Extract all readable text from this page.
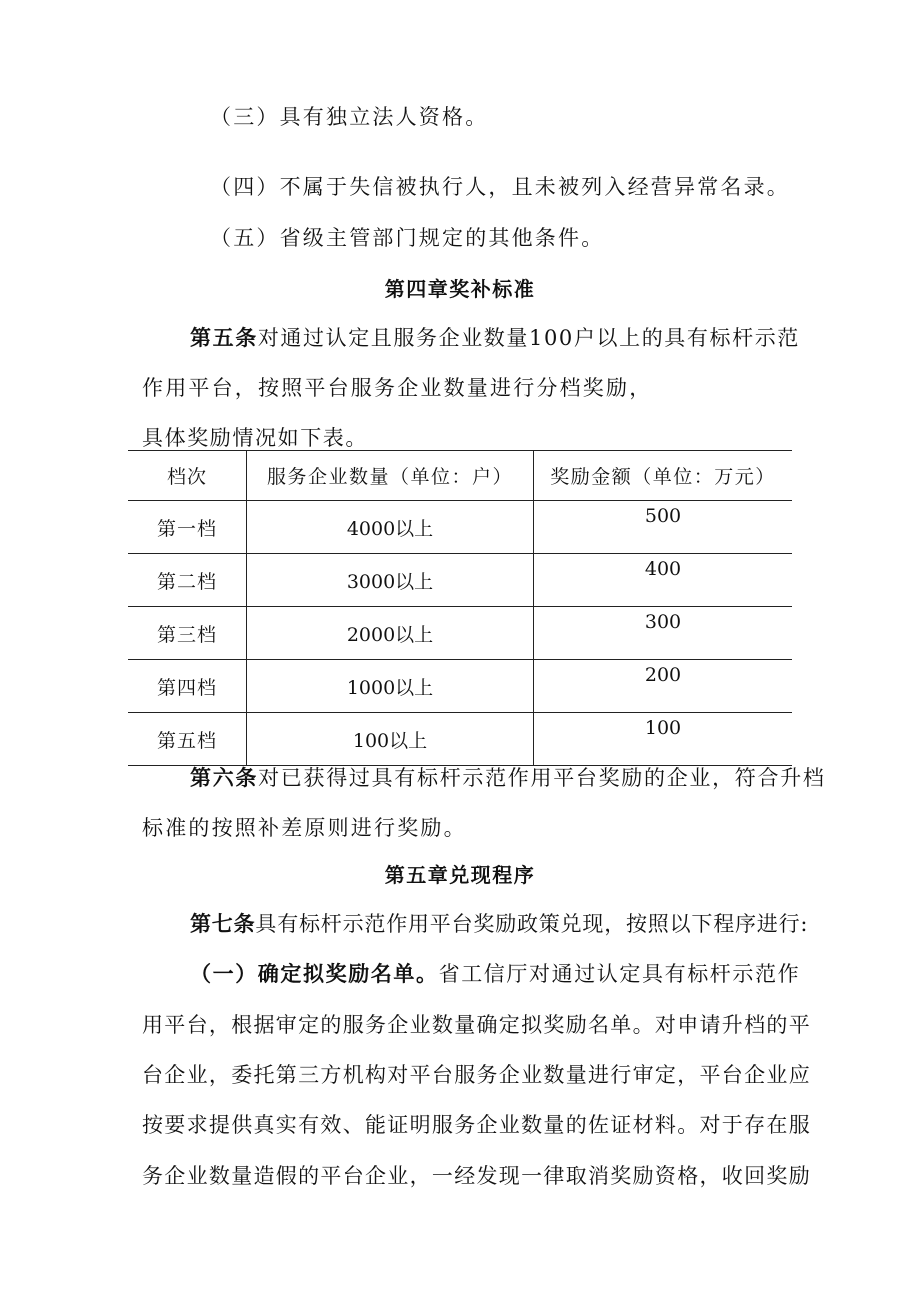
（三）具有独立法人资格。
（四）不属于失信被执行人，且未被列入经营异常名录。
（五）省级主管部门规定的其他条件。
第四章奖补标准
第五条对通过认定且服务企业数量100户以上的具有标杆示范
作用平台，按照平台服务企业数量进行分档奖励，
具体奖励情况如下表。
档次	服务企业数量（单位：户）	奖励金额（单位：万元）
第一档	4000以上	500
第二档	3000以上	400
第三档	2000以上	300
第四档	1000以上	200
第五档	100以上	100
第六条对已获得过具有标杆示范作用平台奖励的企业，符合升档
标准的按照补差原则进行奖励。
第五章兑现程序
第七条具有标杆示范作用平台奖励政策兑现，按照以下程序进行:
（一）确定拟奖励名单。省工信厅对通过认定具有标杆示范作
用平台，根据审定的服务企业数量确定拟奖励名单。对申请升档的平
台企业，委托第三方机构对平台服务企业数量进行审定，平台企业应
按要求提供真实有效、能证明服务企业数量的佐证材料。对于存在服
务企业数量造假的平台企业，一经发现一律取消奖励资格，收回奖励
